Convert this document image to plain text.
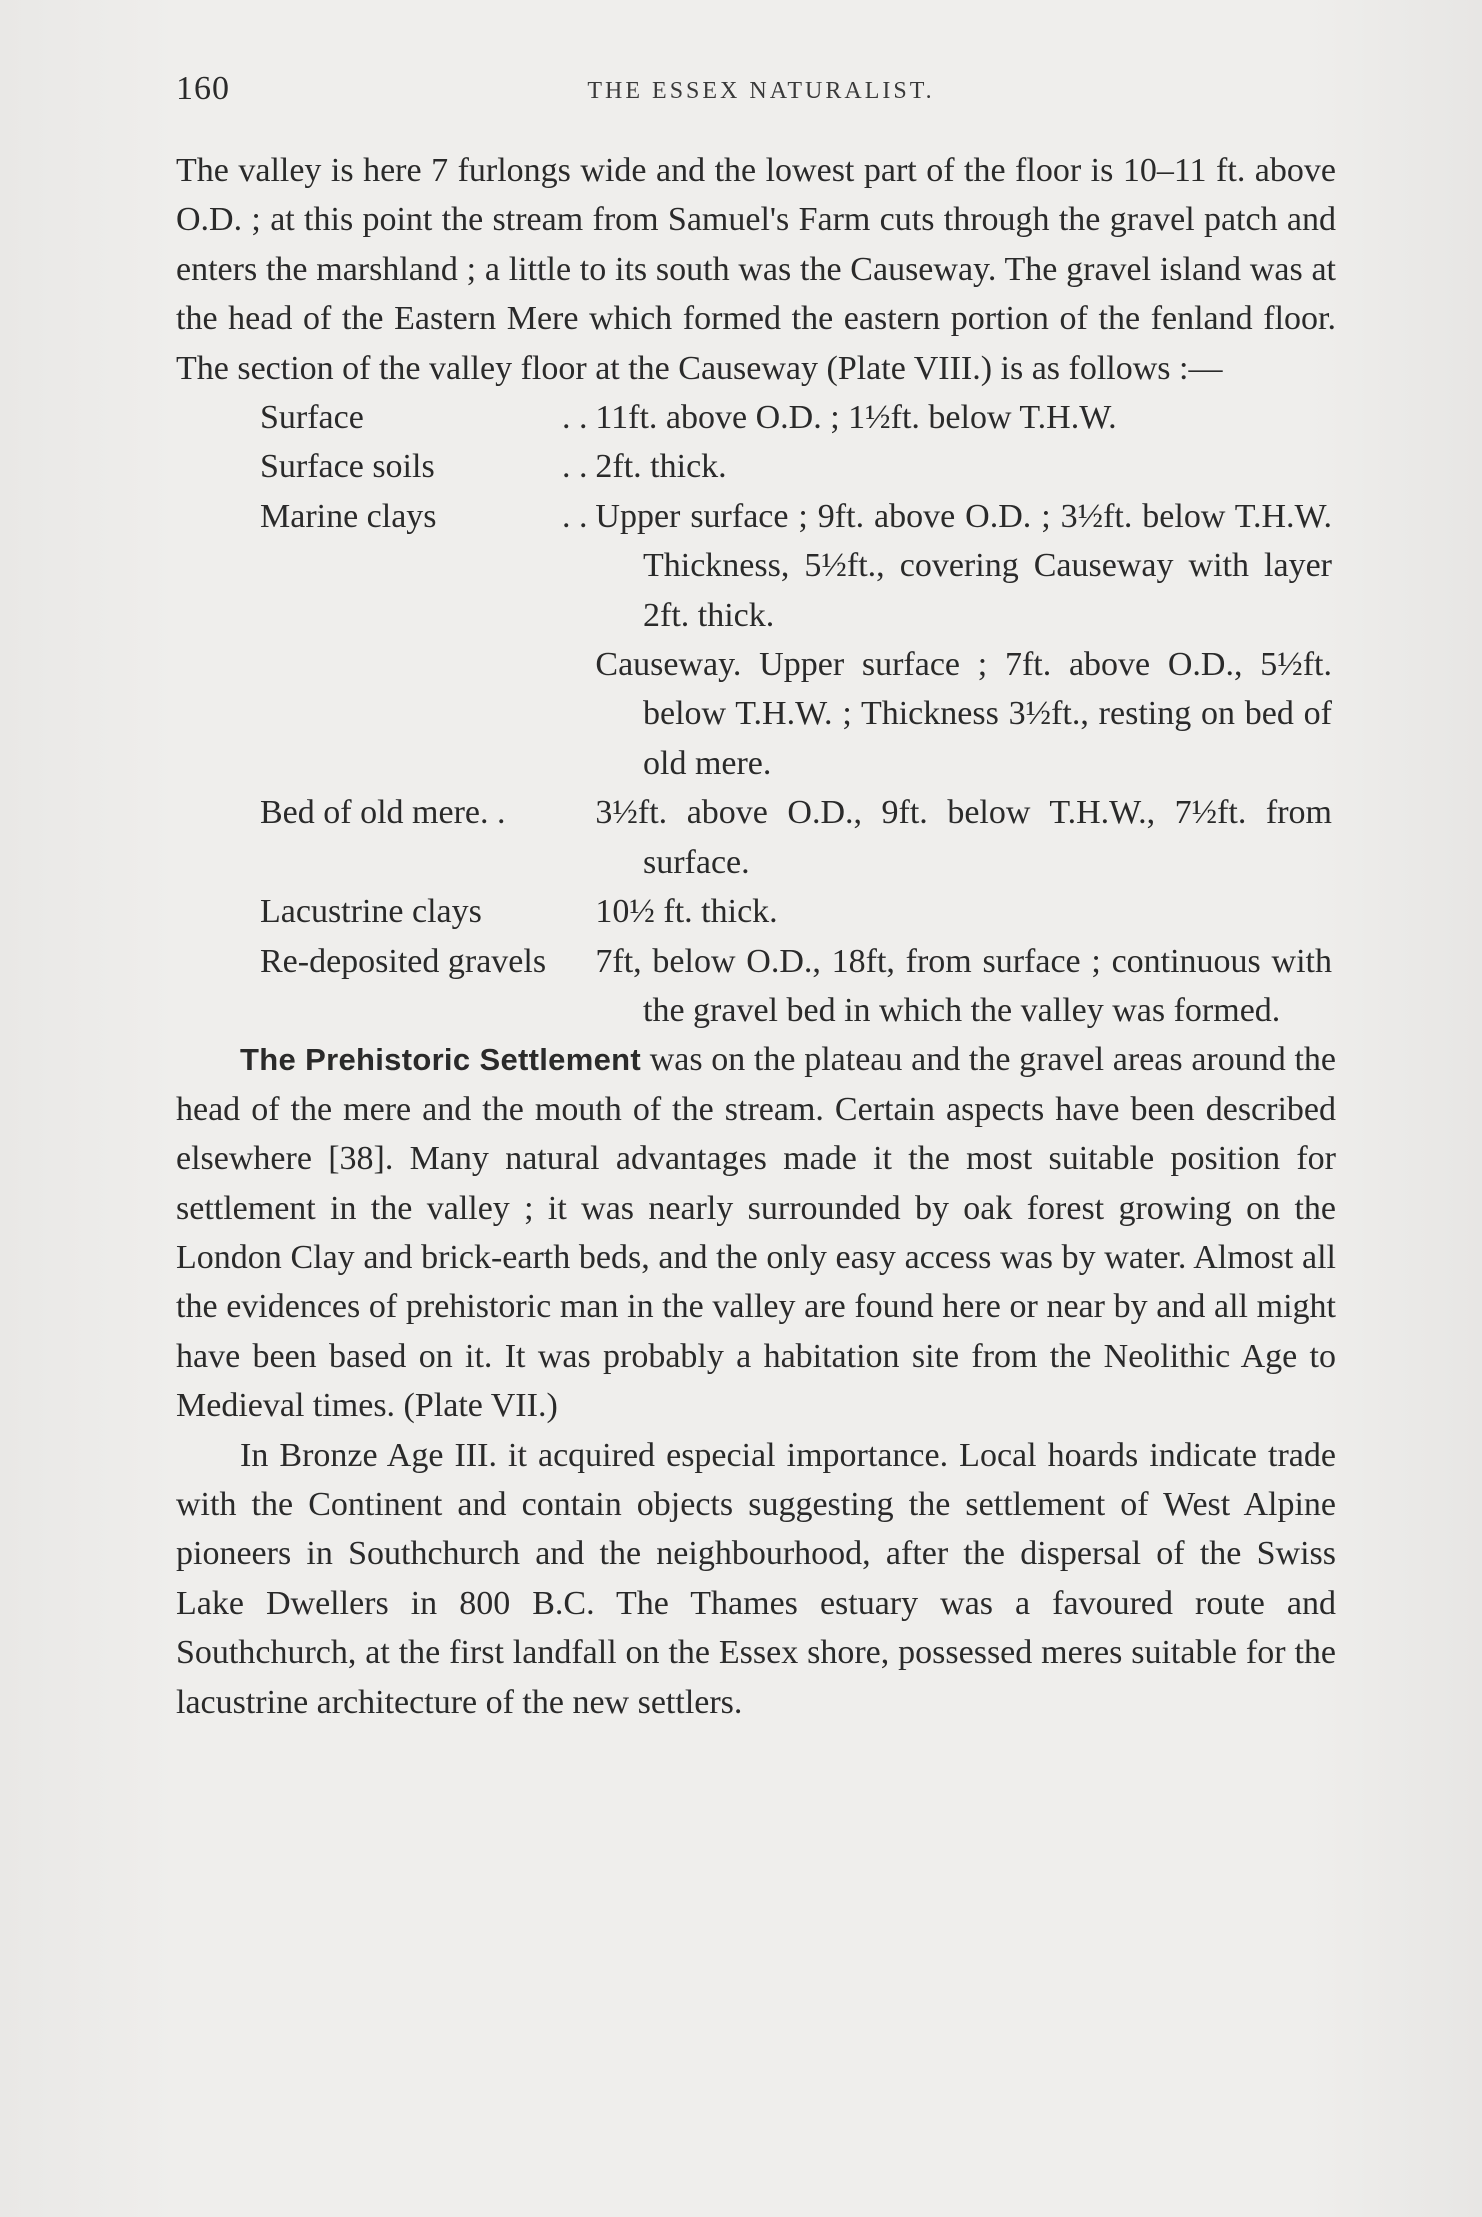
160	THE ESSEX NATURALIST.

The valley is here 7 furlongs wide and the lowest part of the floor is 10–11 ft. above O.D. ; at this point the stream from Samuel's Farm cuts through the gravel patch and enters the marshland ; a little to its south was the Causeway. The gravel island was at the head of the Eastern Mere which formed the eastern portion of the fenland floor. The section of the valley floor at the Causeway (Plate VIII.) is as follows :—

Surface	. . 11ft. above O.D. ; 1½ft. below T.H.W.
Surface soils	. . 2ft. thick.
Marine clays	. . Upper surface ; 9ft. above O.D. ; 3½ft. below T.H.W. Thickness, 5½ft., covering Causeway with layer 2ft. thick.
Causeway. Upper surface ; 7ft. above O.D., 5½ft. below T.H.W. ; Thickness 3½ft., resting on bed of old mere.
Bed of old mere. .	3½ft. above O.D., 9ft. below T.H.W., 7½ft. from surface.
Lacustrine clays	10½ ft. thick.
Re-deposited gravels	7ft, below O.D., 18ft, from surface ; continuous with the gravel bed in which the valley was formed.

The Prehistoric Settlement was on the plateau and the gravel areas around the head of the mere and the mouth of the stream. Certain aspects have been described elsewhere [38]. Many natural advantages made it the most suitable position for settlement in the valley ; it was nearly surrounded by oak forest growing on the London Clay and brick-earth beds, and the only easy access was by water. Almost all the evidences of prehistoric man in the valley are found here or near by and all might have been based on it. It was probably a habitation site from the Neolithic Age to Medieval times. (Plate VII.)

In Bronze Age III. it acquired especial importance. Local hoards indicate trade with the Continent and contain objects suggesting the settlement of West Alpine pioneers in Southchurch and the neighbourhood, after the dispersal of the Swiss Lake Dwellers in 800 B.C. The Thames estuary was a favoured route and Southchurch, at the first landfall on the Essex shore, possessed meres suitable for the lacustrine architecture of the new settlers.
